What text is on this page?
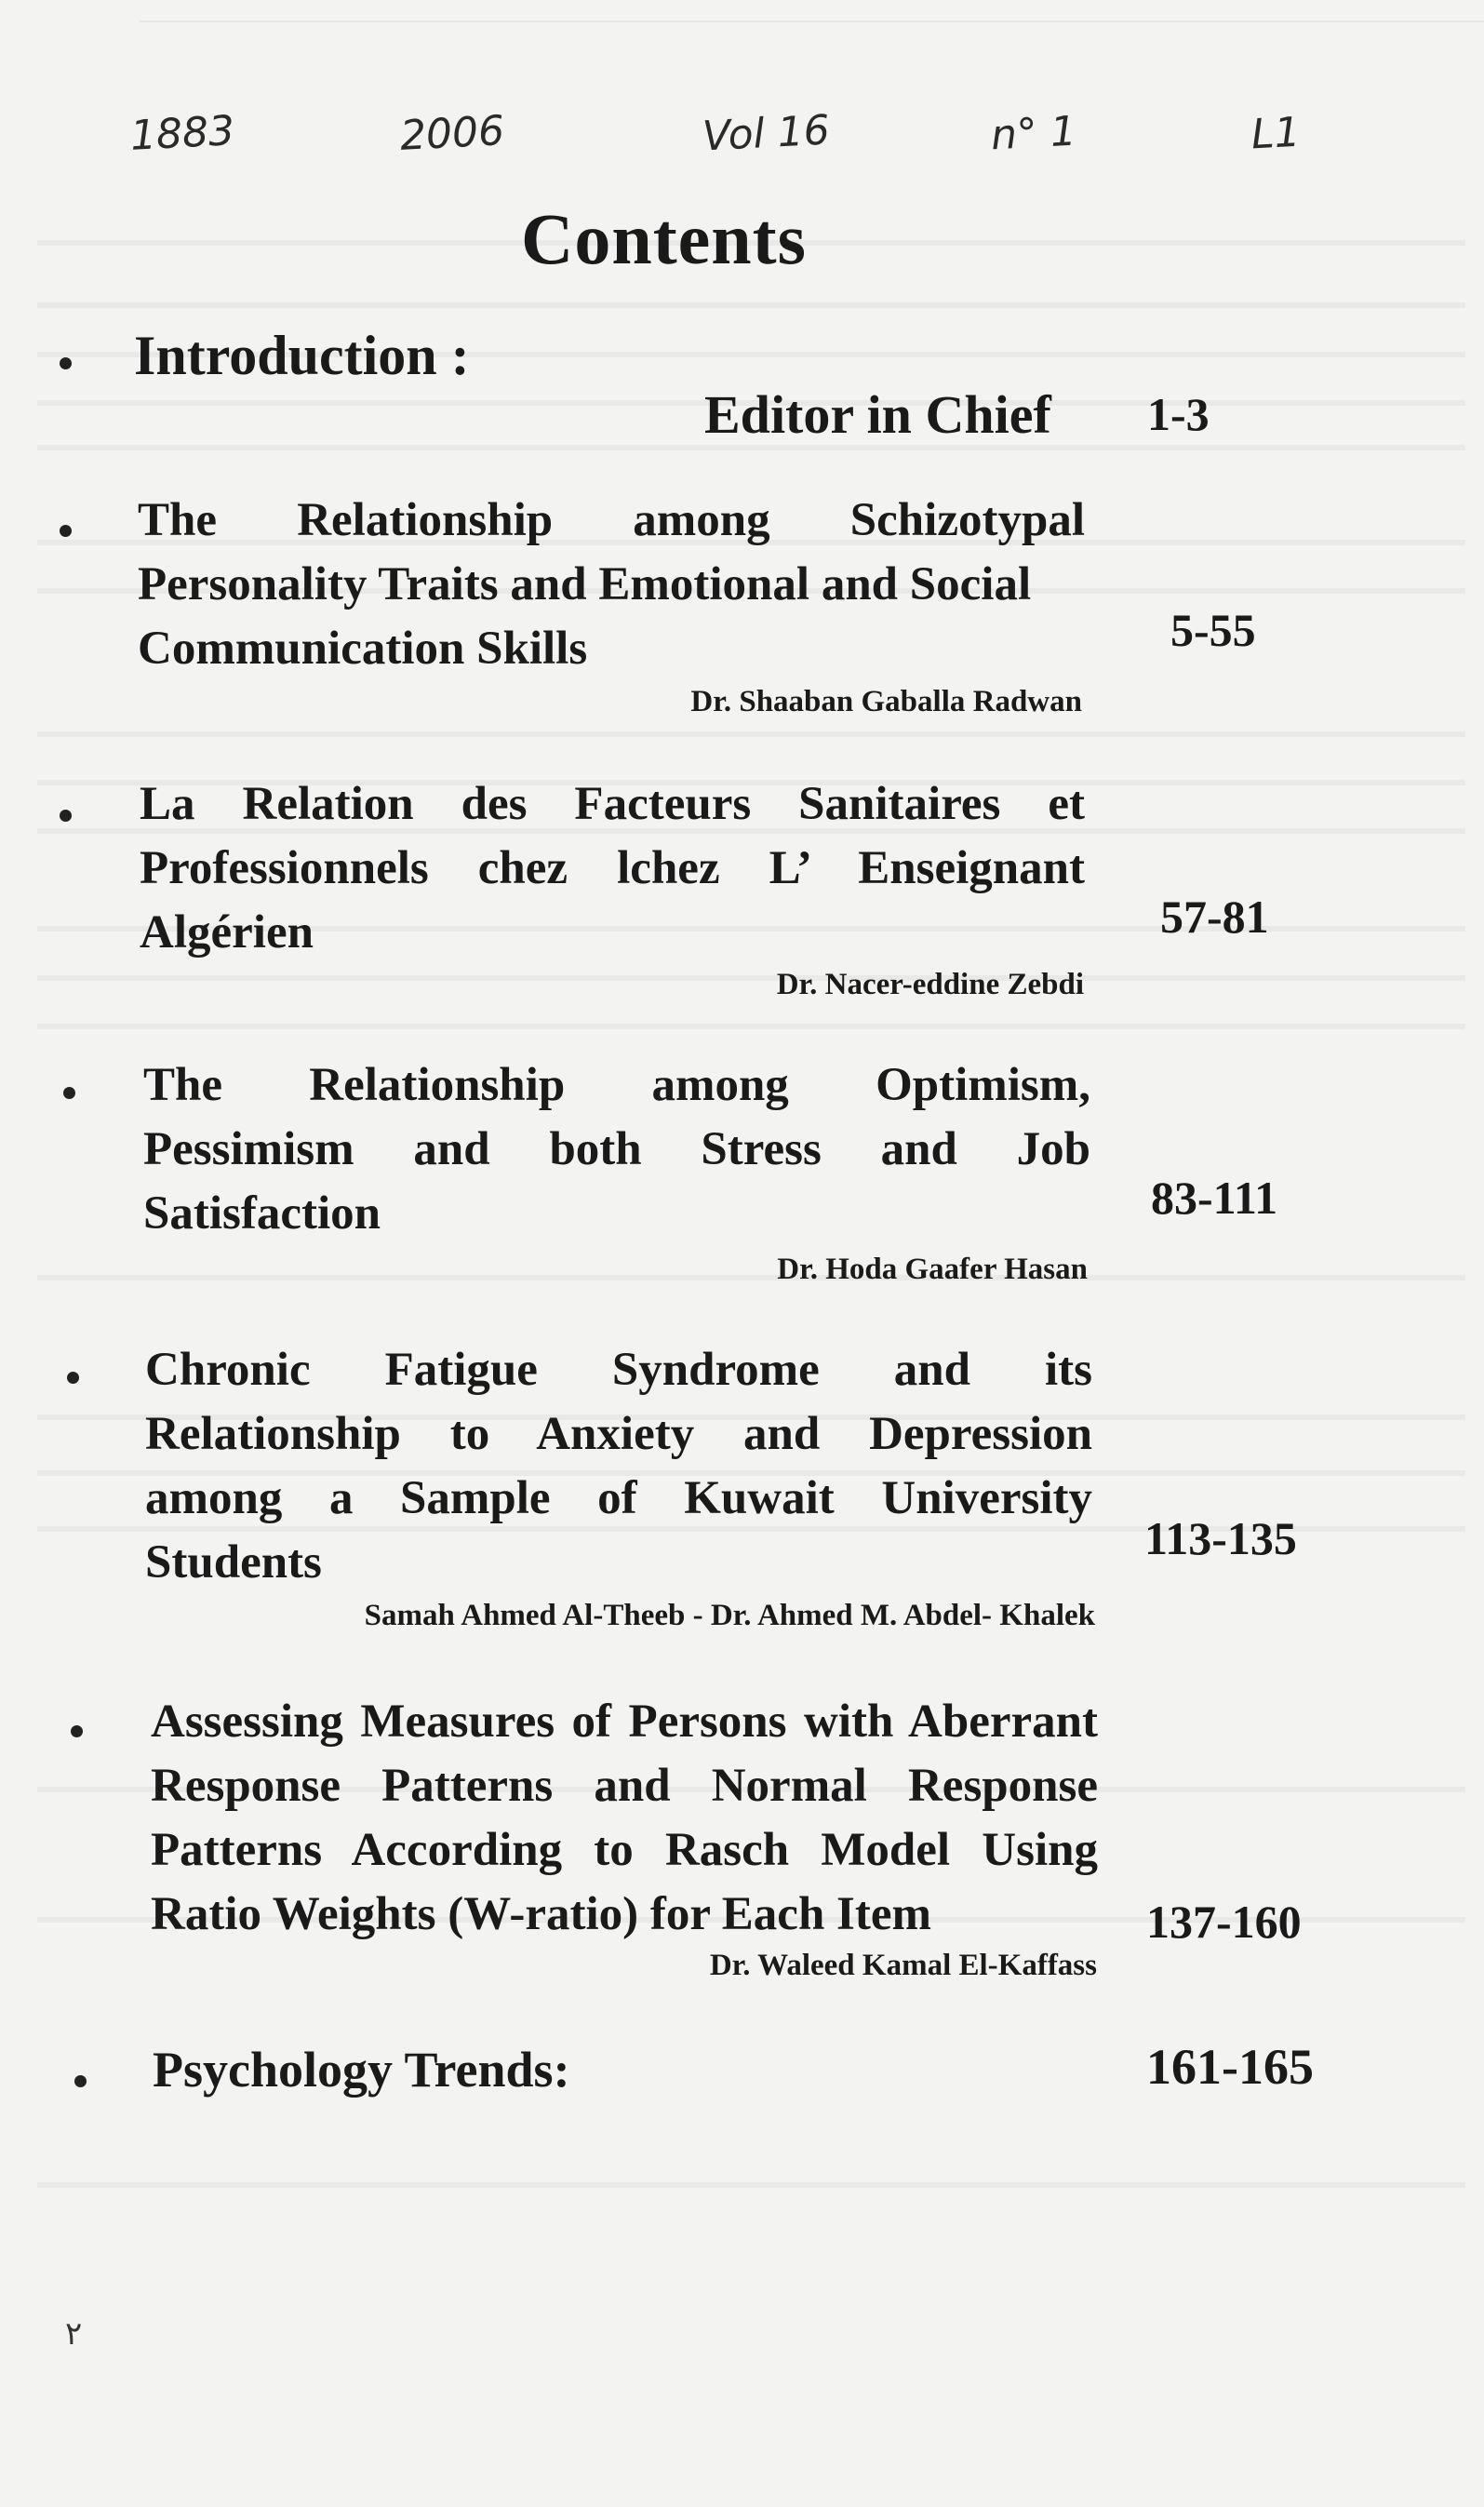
1883	2006	Vol 16	n° 1	L1
Contents
Introduction :
Editor in Chief 1-3
The Relationship among Schizotypal
Personality Traits and Emotional and Social
Communication Skills	5-55
Dr. Shaaban Gaballa Radwan
La Relation des Facteurs Sanitaires et
Professionnels chez lchez L’ Enseignant
Algérien	57-81
Dr. Nacer-eddine Zebdi
The Relationship among Optimism,
Pessimism and both Stress and Job
Satisfaction	83-111
Dr. Hoda Gaafer Hasan
Chronic Fatigue Syndrome and its
Relationship to Anxiety and Depression
among a Sample of Kuwait University
Students	113-135
Samah Ahmed Al-Theeb - Dr. Ahmed M. Abdel- Khalek
Assessing Measures of Persons with Aberrant
Response Patterns and Normal Response
Patterns According to Rasch Model Using
Ratio Weights (W-ratio) for Each Item	137-160
Dr. Waleed Kamal El-Kaffass
Psychology Trends:	161-165
٢
